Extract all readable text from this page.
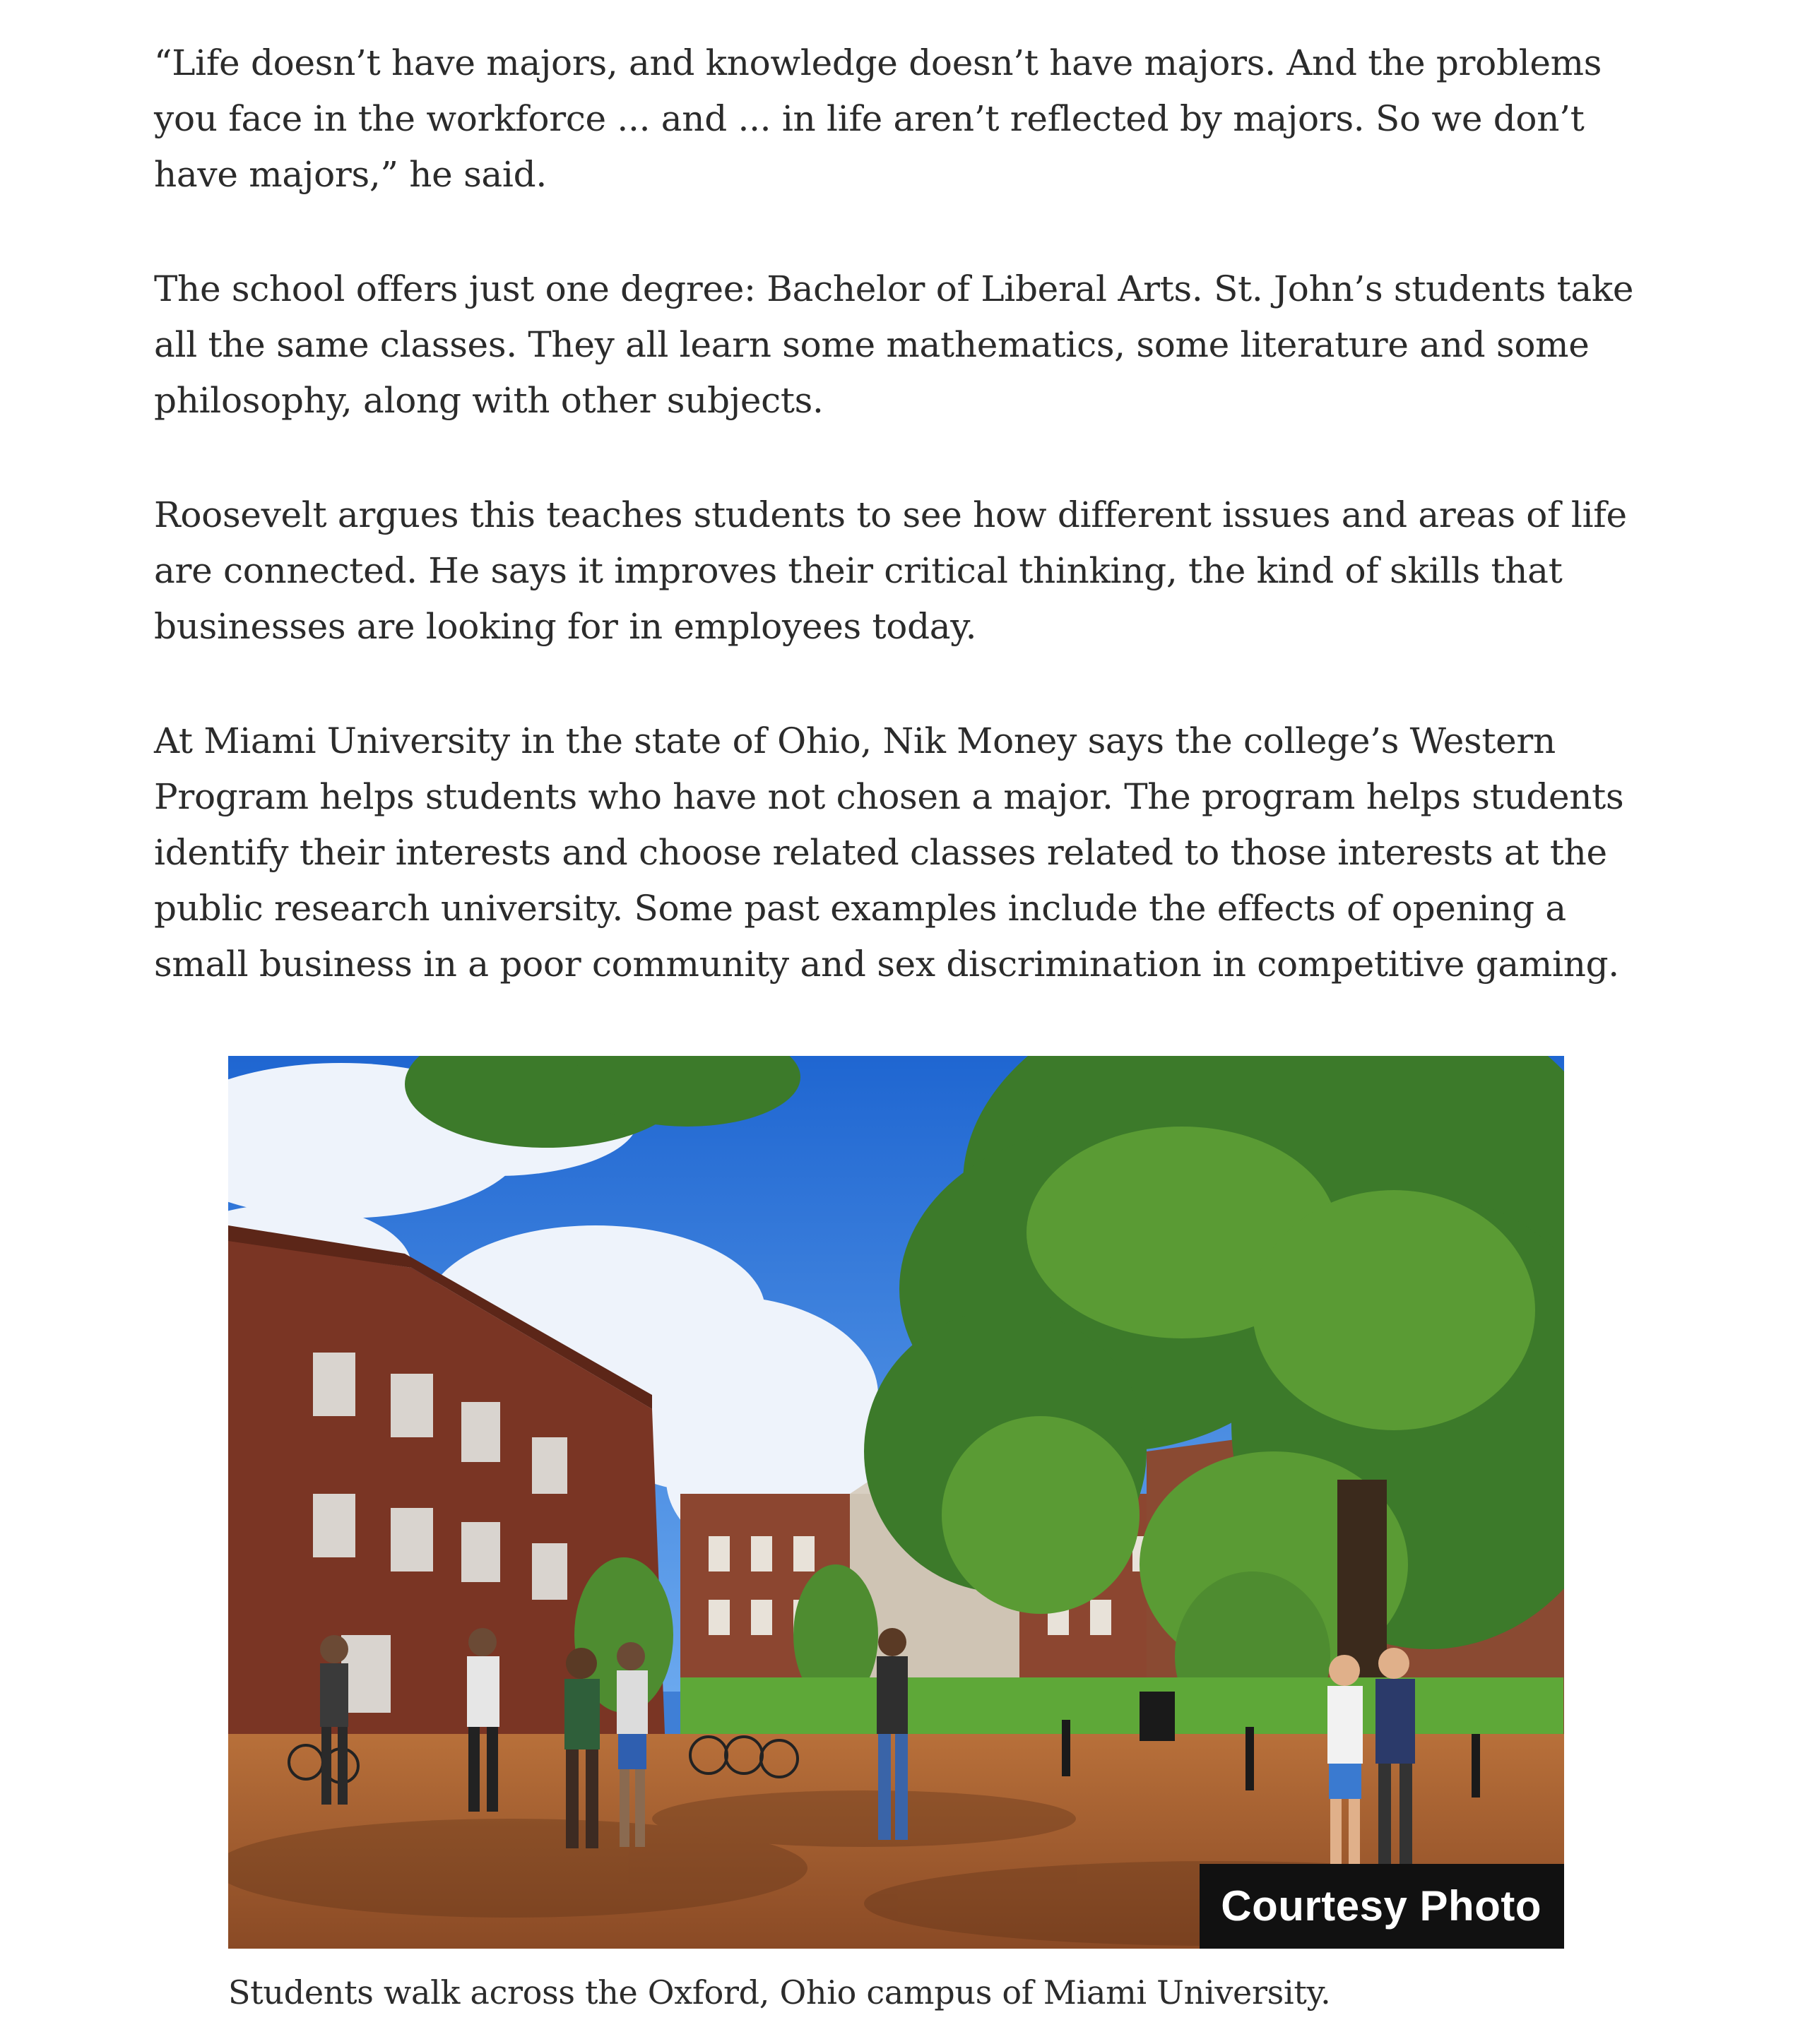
“Life doesn’t have majors, and knowledge doesn’t have majors. And the problems you face in the workforce ... and ... in life aren’t reflected by majors. So we don’t have majors,” he said.

The school offers just one degree: Bachelor of Liberal Arts. St. John’s students take all the same classes. They all learn some mathematics, some literature and some philosophy, along with other subjects.

Roosevelt argues this teaches students to see how different issues and areas of life are connected. He says it improves their critical thinking, the kind of skills that businesses are looking for in employees today.

At Miami University in the state of Ohio, Nik Money says the college’s Western Program helps students who have not chosen a major. The program helps students identify their interests and choose related classes related to those interests at the public research university. Some past examples include the effects of opening a small business in a poor community and sex discrimination in competitive gaming.

Courtesy Photo
Students walk across the Oxford, Ohio campus of Miami University.
